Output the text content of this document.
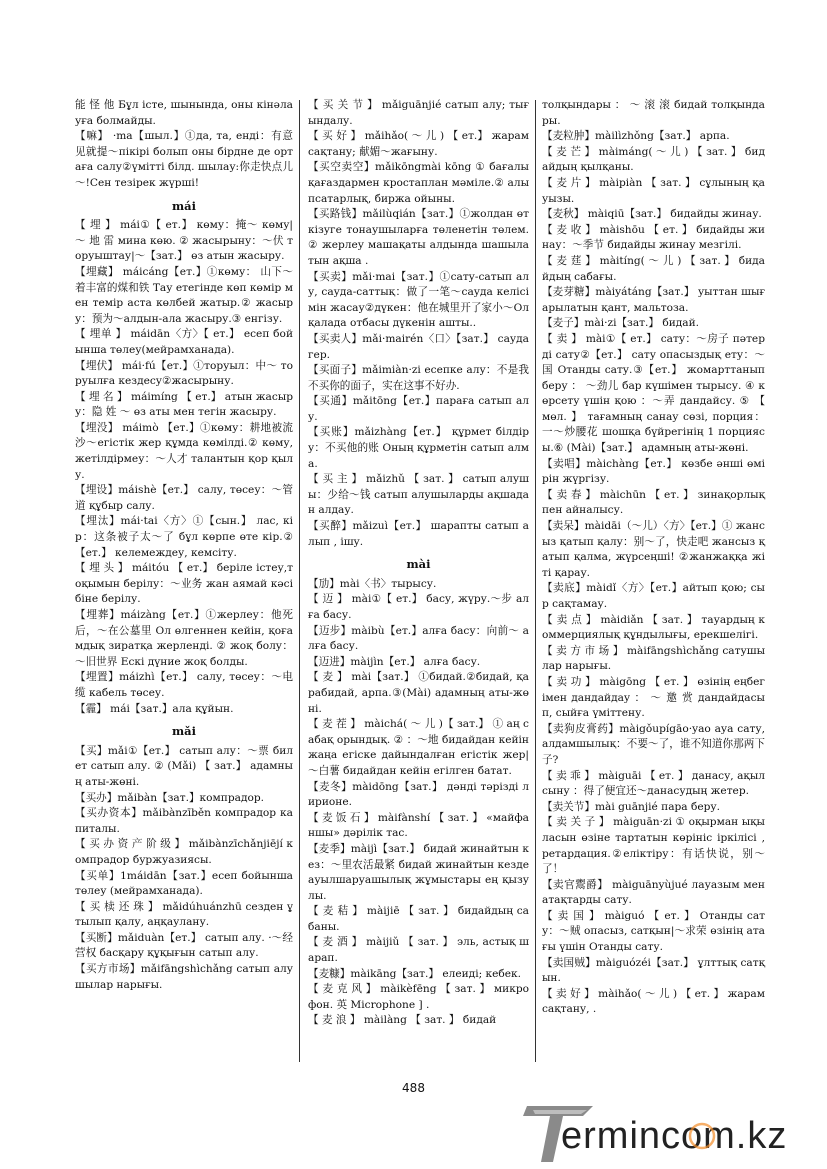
能 怪 他 Бұл істе, шынында, оны кінәлауға болмайды.

【嘛】 ·ma【шыл.】①да, та, енді：有意见就提～пікірі болып оны бірдне де ортаға салу②үміттi білд. шылау:你走快点儿～!Сен тезірек жүрші!

mái

【 埋 】 mái①【 ет.】 көму：掩～ көму|～ 地 雷 мина көю. ② жасырыну：～伏 торуыштау|～【зат.】 өз атын жасыру.

【埋藏】 máicáng【ет.】①көму： 山下～着丰富的煤和铁 Тау етегінде көп көмір мен темір аста көлбей жатыр.② жасыру：预为～алдын-ала жасыру.③ енгізу.

【 埋单 】 máidān〈方〉【 ет.】 есеп бойынша төлеу(мейрамханада).

【埋伏】 mái·fú【ет.】①торуыл：中～ торуылға кездесу②жасырыну.

【 埋 名 】 máimíng 【 ет.】 атын жасыру：隐 姓 ～ өз аты мен тегін жасыру.

【埋没】 máimò 【ет.】①көму：耕地被流沙～егістік жер құмда көмілді.② көму, жетілдірмеу：～人才 талантын қор қылу.

【埋设】máishè【ет.】 салу, төсеу：～管道 құбыр салу.

【埋汰】mái·tai〈方〉①【сын.】 лас, кір：这条被子太～了 бұл көрпе өте кір.②【ет.】 келемеждеу, кемсіту.

【 埋 头 】 máitóu 【 ет.】 беріле істеу,тоқымын берілу：～业务 жан аямай кәсібіне берілу.

【埋葬】máizàng【ет.】①жерлеу：他死后，～在公墓里 Ол өлгеннен кейін, қоғамдық зиратқа жерленді. ② жоқ болу：～旧世界 Ескі дүние жоқ болды.

【埋置】máizhì【ет.】 салу, төсеу：～电缆 кабель төсеу.

【霾】 mái【зат.】ала құйын.

mǎi

【买】mǎi①【ет.】 сатып алу：～票 билет сатып алу. ② (Mǎi) 【 зат.】 адамның аты-жөні.

【买办】mǎibàn【зат.】компрадор.

【买办资本】mǎibànzīběn компрадор капиталы.

【 买 办 资 产 阶 级 】 mǎibànzīchǎnjiējí компрадор буржуазиясы.

【买单】1máidān【зат.】есеп бойынша төлеу (мейрамханада).

【 买 椟 还 珠 】 mǎidúhuánzhū сезден ұтылып қалу, аңқаулану.

【买断】mǎiduàn【ет.】 сатып алу. ·～经营权 басқару құқығын сатып алу.

【买方市场】mǎifāngshìchǎng сатып алушылар нарығы.

【 买 关 节 】 mǎiguānjié сатып алу; тығындалу.

【 买 好 】 mǎihǎo( ～ 儿 ) 【 ет.】 жарамсақтану; 献媚～жағыну.

【买空卖空】mǎikōngmài kōng ① бағалы қағаздармен кростаплан мәміле.② алыпсатарлық, биржа ойыны.

【买路钱】mǎilùqián【зат.】①жолдан өткізуге тонаушыларға төленетін төлем.② жерлеу машақаты алдында шашылатын ақша .

【买卖】mǎi·mai【зат.】①сату-сатып алу, сауда-саттық：做了一笔～сауда келісімін жасау②дүкен：他在城里开了家小～Ол қалада отбасы дүкенін ашты..

【买卖人】mǎi·mairén〈口〉【зат.】 саудагер.

【买面子】mǎimiàn·zi есепке алу：不是我不买你的面子，实在这事不好办.

【买通】mǎitōng【ет.】параға сатып алу.

【买账】mǎizhàng【ет.】 құрмет білдіру：不买他的账 Оның құрметін сатып алма.

【 买 主 】 mǎizhǔ 【 зат. 】 сатып алушы：少给～钱 сатып алушыларды ақшадан алдау.

【买醉】mǎizuì【ет.】 шарапты сатып алып , ішу.

mài

【劢】mài〈书〉тырысу.

【 迈 】 mài①【 ет.】 басу, жүру.～步 алға басу.

【迈步】màibù【ет.】алға басу：向前～ алға басу.

【迈进】màijìn【ет.】 алға басу.

【 麦 】 mài【зат.】 ①бидай.②бидай, қарабидай, арпа.③(Mài) адамның аты-жөні.

【 麦 茬 】 màichá( ～ 儿 )【 зат.】 ① аң сабақ орындық. ② ：～地 бидайдан кейін жаңа егіске дайындалған егістік жер|～白薯 бидайдан кейін егілген батат.

【麦冬】màidōng【зат.】 дәнді тәрізді лирионе.

【 麦 饭 石 】 màifànshí 【 зат. 】 «майфаншы» дәрілік тас.

【麦季】màijì【зат.】 бидай жинайтын кез：～里农活最紧 бидай жинайтын кезде ауылшаруашылық жұмыстары ең қызулы.

【 麦 秸 】 màijiē 【 зат. 】 бидайдың сабаны.

【 麦 酒 】 màijiǔ 【 зат. 】 эль, астық шарап.

【麦糠】màikāng【зат.】 елеиді; кебек.

【 麦 克 风 】 màikèfēng 【 зат. 】 микрофон. 英 Microphone ] .

【 麦 浪 】 màilàng 【 зат. 】 бидай

толқындары ： ～ 滚 滚 бидай толқындары.

【麦粒肿】màilìzhǒng【зат.】 арпа.

【 麦 芒 】 màimáng( ～ 儿 ) 【 зат. 】 бидайдың қылқаны.

【 麦 片 】 màipiàn 【 зат. 】 сұлының қауызы.

【麦秋】 màiqiū【зат.】 бидайды жинау.

【 麦 收 】 màishōu 【 ет. 】 бидайды жинау：～季节 бидайды жинау мезгілі.

【 麦 莛 】 màitíng( ～ 儿 ) 【 зат. 】 бидайдың сабағы.

【麦芽糖】màiyátáng【зат.】 уыттан шығарылатын қант, мальтоза.

【麦子】mài·zi【зат.】 бидай.

【 卖 】 mài①【 ет.】 сату：～房子 пәтерді сату②【ет.】 сату опасыздық ету：～国 Отанды сату.③【ет.】 жомарттанып беру ： ～劲儿 бар күшімен тырысу. ④ көрсету үшін қою ：～弄 дандайсу. ⑤ 【 мөл. 】 тағамның санау сөзі, порция：一～炒腰花 шошқа бүйрегінің 1 порциясы.⑥ (Mài)【зат.】 адамның аты-жөні.

【卖唱】màichàng【ет.】 көзбе әнші өмірін жүргізу.

【 卖 春 】 màichūn 【 ет. 】 зинақорлықпен айналысу.

【卖呆】màidāi（～儿）〈方〉【ет.】① жансыз қатып қалу：别～了，快走吧 жансыз қатып қалма, жүрсеңші! ②жанжаққа жіті қарау.

【卖底】màidǐ〈方〉【ет.】айтып қою; сыр сақтамау.

【 卖 点 】 màidiǎn 【 зат. 】 тауардың коммерциялық құндылығы, ерекшелігі.

【 卖 方 市 场 】 màifāngshìchǎng сатушылар нарығы.

【 卖 功 】 màigōng 【 ет. 】 өзінің еңбегімен дандайдау ： ～ 邀 赏 дандайдасып, сыйға үміттену.

【卖狗皮膏药】màigǒupígāo·yao ауа сату, алдамшылық：不要～了，谁不知道你那两下子?

【 卖 乖 】 màiguāi 【 ет. 】 данасу, ақылсыну ：得了便宜还～данасудың жетер.

【卖关节】mài guānjié пара беру.

【 卖 关 子 】 màiguān·zi ① оқырман ықыласын өзіне тартатын көрініс іркілісі , ретардация.②еліктіру：有话快说，别～了！

【卖官鬻爵】 màiguānyùjué лауазым мен атақтарды сату.

【 卖 国 】 màiguó 【 ет. 】 Отанды сату：～贼 опасыз, сатқын|～求荣 өзінің атағы үшін Отанды сату.

【卖国贼】màiguózéi【зат.】 ұлттық сатқын.

【 卖 好 】 màihǎo( ～ 儿 ) 【 ет. 】 жарамсақтану, .

488
ermincom.kz
